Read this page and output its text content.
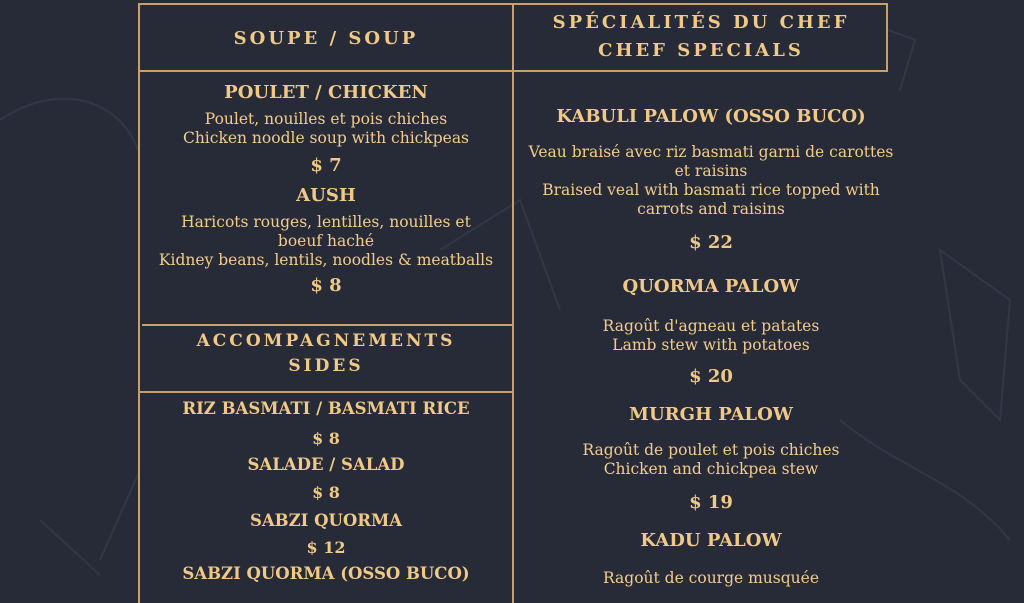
SOUPE / SOUP
SPÉCIALITÉS DU CHEF
CHEF SPECIALS
ACCOMPAGNEMENTS
SIDES
POULET / CHICKEN
Poulet, nouilles et pois chiches
Chicken noodle soup with chickpeas
$ 7
AUSH
Haricots rouges, lentilles, nouilles et boeuf haché
Kidney beans, lentils, noodles & meatballs
$ 8
RIZ BASMATI / BASMATI RICE
$ 8
SALADE / SALAD
$ 8
SABZI QUORMA
$ 12
SABZI QUORMA (OSSO BUCO)
KABULI PALOW (OSSO BUCO)
Veau braisé avec riz basmati garni de carottes et raisins
Braised veal with basmati rice topped with carrots and raisins
$ 22
QUORMA PALOW
Ragoût d'agneau et patates
Lamb stew with potatoes
$ 20
MURGH PALOW
Ragoût de poulet et pois chiches
Chicken and chickpea stew
$ 19
KADU PALOW
Ragoût de courge musquée
